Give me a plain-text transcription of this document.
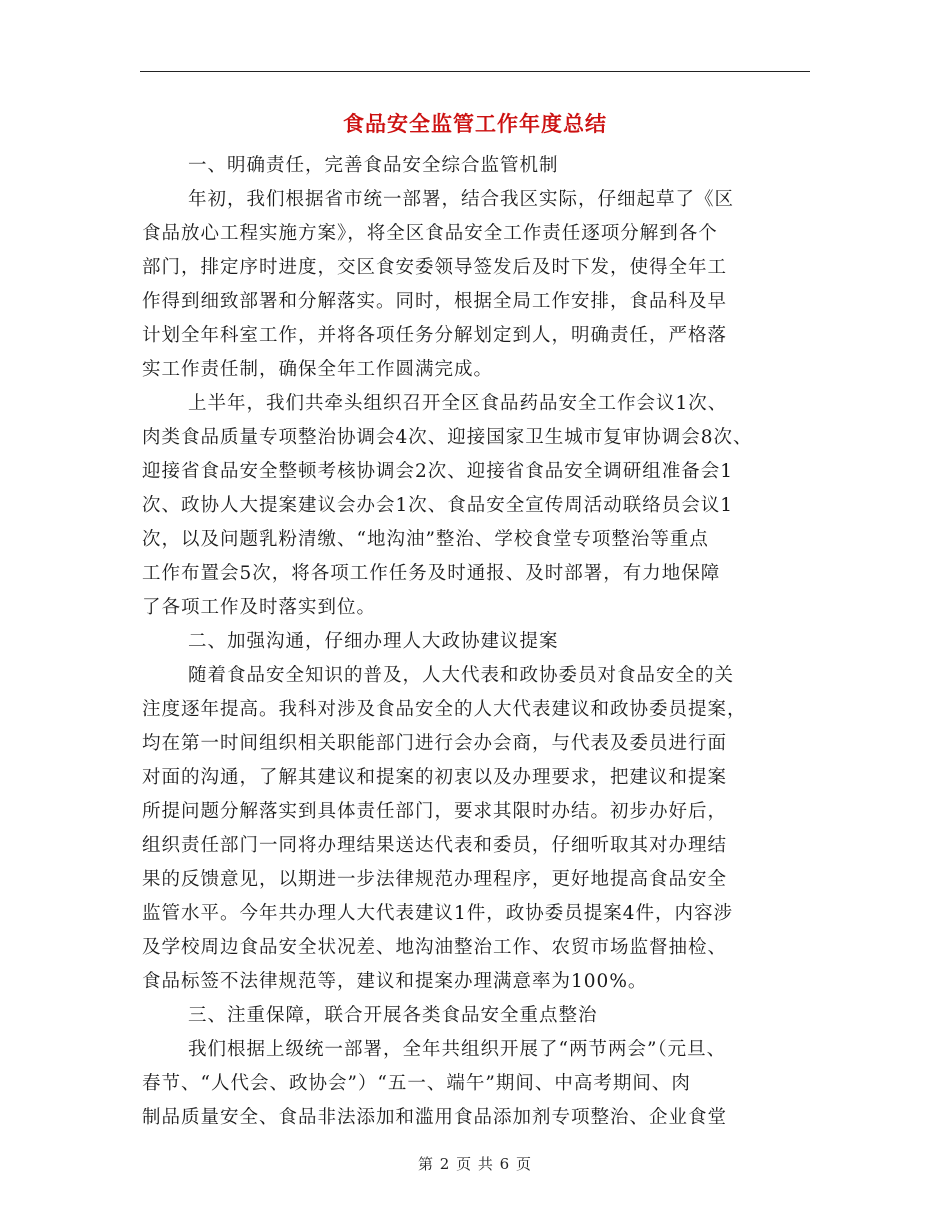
食品安全监管工作年度总结
一、明确责任，完善食品安全综合监管机制
年初，我们根据省市统一部署，结合我区实际，仔细起草了《区
食品放心工程实施方案》，将全区食品安全工作责任逐项分解到各个
部门，排定序时进度，交区食安委领导签发后及时下发，使得全年工
作得到细致部署和分解落实。同时，根据全局工作安排，食品科及早
计划全年科室工作，并将各项任务分解划定到人，明确责任，严格落
实工作责任制，确保全年工作圆满完成。
上半年，我们共牵头组织召开全区食品药品安全工作会议1次、
肉类食品质量专项整治协调会4次、迎接国家卫生城市复审协调会8次、
迎接省食品安全整顿考核协调会2次、迎接省食品安全调研组准备会1
次、政协人大提案建议会办会1次、食品安全宣传周活动联络员会议1
次，以及问题乳粉清缴、“地沟油”整治、学校食堂专项整治等重点
工作布置会5次，将各项工作任务及时通报、及时部署，有力地保障
了各项工作及时落实到位。
二、加强沟通，仔细办理人大政协建议提案
随着食品安全知识的普及，人大代表和政协委员对食品安全的关
注度逐年提高。我科对涉及食品安全的人大代表建议和政协委员提案，
均在第一时间组织相关职能部门进行会办会商，与代表及委员进行面
对面的沟通，了解其建议和提案的初衷以及办理要求，把建议和提案
所提问题分解落实到具体责任部门，要求其限时办结。初步办好后，
组织责任部门一同将办理结果送达代表和委员，仔细听取其对办理结
果的反馈意见，以期进一步法律规范办理程序，更好地提高食品安全
监管水平。今年共办理人大代表建议1件，政协委员提案4件，内容涉
及学校周边食品安全状况差、地沟油整治工作、农贸市场监督抽检、
食品标签不法律规范等，建议和提案办理满意率为100%。
三、注重保障，联合开展各类食品安全重点整治
我们根据上级统一部署，全年共组织开展了“两节两会”（元旦、
春节、“人代会、政协会”）“五一、端午”期间、中高考期间、肉
制品质量安全、食品非法添加和滥用食品添加剂专项整治、企业食堂
第 2 页 共 6 页
